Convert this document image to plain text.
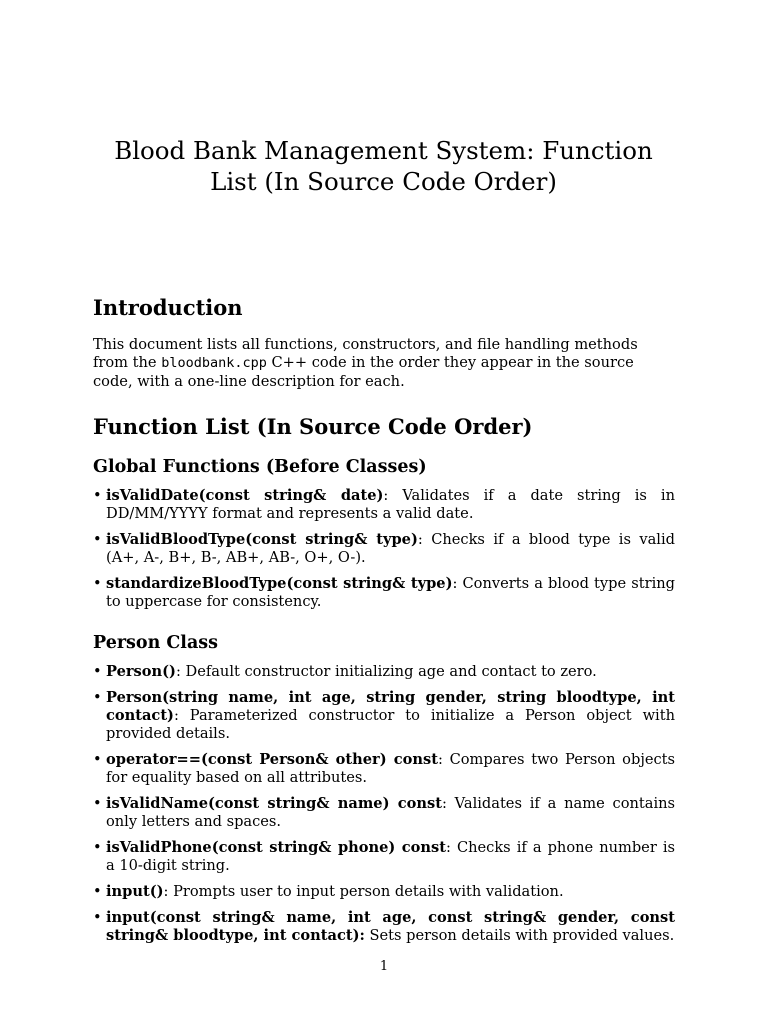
Blood Bank Management System: Function List (In Source Code Order)
Introduction
This document lists all functions, constructors, and file handling methods from the bloodbank.cpp C++ code in the order they appear in the source code, with a one-line description for each.
Function List (In Source Code Order)
Global Functions (Before Classes)
• isValidDate(const string& date): Validates if a date string is in DD/MM/YYYY format and represents a valid date.
• isValidBloodType(const string& type): Checks if a blood type is valid (A+, A-, B+, B-, AB+, AB-, O+, O-).
• standardizeBloodType(const string& type): Converts a blood type string to uppercase for consistency.
Person Class
• Person(): Default constructor initializing age and contact to zero.
• Person(string name, int age, string gender, string bloodtype, int contact): Parameterized constructor to initialize a Person object with provided details.
• operator==(const Person& other) const: Compares two Person objects for equality based on all attributes.
• isValidName(const string& name) const: Validates if a name contains only letters and spaces.
• isValidPhone(const string& phone) const: Checks if a phone number is a 10-digit string.
• input(): Prompts user to input person details with validation.
• input(const string& name, int age, const string& gender, const string& bloodtype, int contact): Sets person details with provided values.
1
